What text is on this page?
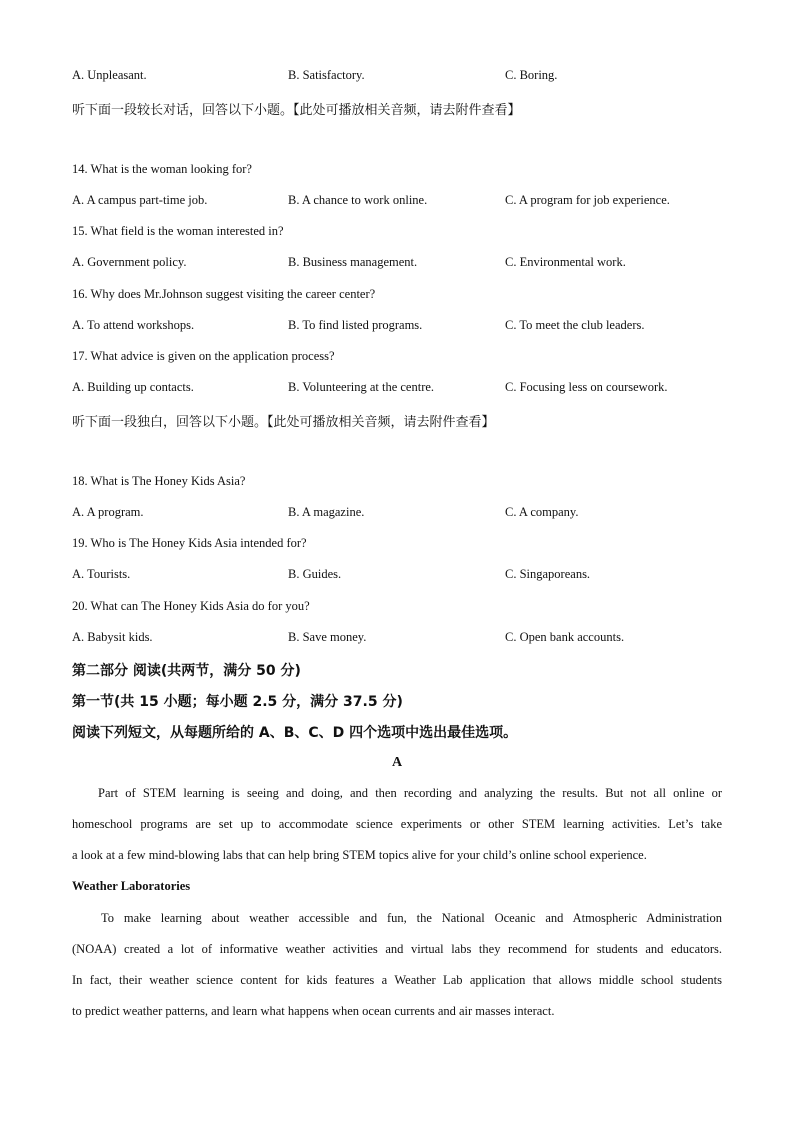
A. Unpleasant.	B. Satisfactory.	C. Boring.
听下面一段较长对话，回答以下小题。【此处可播放相关音频，请去附件查看】
14. What is the woman looking for?
A. A campus part-time job.	B. A chance to work online.	C. A program for job experience.
15. What field is the woman interested in?
A. Government policy.	B. Business management.	C. Environmental work.
16. Why does Mr.Johnson suggest visiting the career center?
A. To attend workshops.	B. To find listed programs.	C. To meet the club leaders.
17. What advice is given on the application process?
A. Building up contacts.	B. Volunteering at the centre.	C. Focusing less on coursework.
听下面一段独白，回答以下小题。【此处可播放相关音频，请去附件查看】
18. What is The Honey Kids Asia?
A. A program.	B. A magazine.	C. A company.
19. Who is The Honey Kids Asia intended for?
A. Tourists.	B. Guides.	C. Singaporeans.
20. What can The Honey Kids Asia do for you?
A. Babysit kids.	B. Save money.	C. Open bank accounts.
第二部分 阅读(共两节，满分 50 分)
第一节(共 15 小题；每小题 2.5 分，满分 37.5 分)
阅读下列短文，从每题所给的 A、B、C、D 四个选项中选出最佳选项。
A
Part of STEM learning is seeing and doing, and then recording and analyzing the results. But not all online or
homeschool programs are set up to accommodate science experiments or other STEM learning activities. Let’s take
a look at a few mind-blowing labs that can help bring STEM topics alive for your child’s online school experience.
Weather Laboratories
To make learning about weather accessible and fun, the National Oceanic and Atmospheric Administration
(NOAA) created a lot of informative weather activities and virtual labs they recommend for students and educators.
In fact, their weather science content for kids features a Weather Lab application that allows middle school students
to predict weather patterns, and learn what happens when ocean currents and air masses interact.
